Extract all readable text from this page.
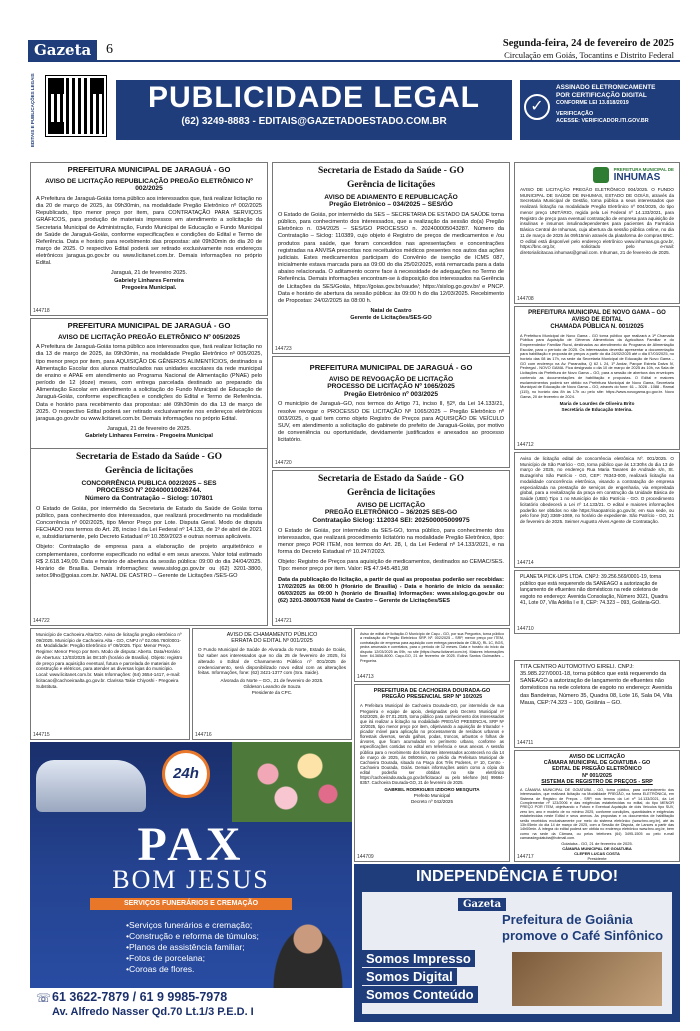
Gazeta	6	Segunda-feira, 24 de fevereiro de 2025
Circulação em Goiás, Tocantins e Distrito Federal
EDITAIS E PUBLICAÇÕES LEGAIS	PUBLICIDADE LEGAL
(62) 3249-8883 - EDITAIS@GAZETADOESTADO.COM.BR
✓
ASSINADO ELETRONICAMENTE
POR CERTIFICAÇÃO DIGITAL
CONFORME LEI 13.818/2019
VERIFICAÇÃO
ACESSE: VERIFICADOR.ITI.GOV.BR
PREFEITURA MUNICIPAL DE JARAGUÁ - GO
AVISO DE LICITAÇÃO REPUBLICAÇÃO PREGÃO ELETRÔNICO Nº 002/2025

A Prefeitura de Jaraguá-Goiás torna público aos interessados que, fará realizar licitação no dia 20 de março de 2025, às 09h30min, na modalidade Pregão Eletrônico nº 002/2025 Republicado, tipo menor preço por item, para CONTRATAÇÃO PARA SERVIÇOS GRÁFICOS, para produção de materiais impressos em atendimento a solicitação da Secretaria Municipal de Administração, Fundo Municipal de Educação e Fundo Municipal de Saúde de Jaraguá-Goiás, conforme especificações e condições do Edital e Termo de Referência. Data e horário para recebimento das propostas: até 09h30min do dia 20 de março de 2025. O respectivo Edital poderá ser retirado exclusivamente nos endereços eletrônicos jaragua.go.gov.br ou www.licitanet.com.br. Demais informações no próprio Edital.

Jaraguá, 21 de fevereiro 2025.
Gabriely Linhares Ferreira
Pregoeira Municipal.
144718
PREFEITURA MUNICIPAL DE JARAGUÁ - GO
AVISO DE LICITAÇÃO PREGÃO ELETRÔNICO Nº 005/2025

A Prefeitura de Jaraguá-Goiás torna público aos interessados que, fará realizar licitação no dia 13 de março de 2025, às 09h30min, na modalidade Pregão Eletrônico nº 005/2025, tipo menor preço por item, para AQUISIÇÃO DE GÊNEROS ALIMENTÍCIOS, destinados a Alimentação Escolar dos alunos matriculados nas unidades escolares da rede municipal de ensino e APAE em atendimento ao Programa Nacional de Alimentação (PNAE) pelo período de 12 (doze) meses, com entrega parcelada destinado ao preparado da Alimentação Escolar em atendimento a solicitação do Fundo Municipal de Educação de Jaraguá-Goiás, conforme especificações e condições do Edital e Termo de Referência. Data e horário para recebimento das propostas: até 09h30min do dia 13 de março de 2025. O respectivo Edital poderá ser retirado exclusivamente nos endereços eletrônicos jaragua.go.gov.br ou www.licitanet.com.br. Demais informações no próprio Edital.

Jaraguá, 21 de fevereiro de 2025.
Gabriely Linhares Ferreira - Pregoeira Municipal
Secretaria de Estado da Saúde - GO
Gerência de licitações
CONCORRÊNCIA PUBLICA 002/2025 – SES
PROCESSO Nº 202400010026744.
Número da Contratação – Siclog: 107801

O Estado de Goiás, por intermédio da Secretaria de Estado da Saúde de Goiás torna público, para conhecimento dos interessados, que realizará procedimento na modalidade Concorrência nº 002/2025, tipo Menor Preço por Lote. Disputa Geral. Modo de disputa FECHADO nos termos do Art. 28, inciso I da Lei Federal nº 14.133, de 1º de abril de 2021 e, subsidiariamente, pelo Decreto Estadual nº 10.359/2023 e outras normas aplicáveis.

Objeto: Contratação de empresa para a elaboração de projeto arquitetônico e complementares, conforme especificado no edital e em seus anexos. Valor total estimado R$ 2.618.149,09. Data e horário de abertura da sessão pública: 09:00 do dia 24/04/2025. Horário de Brasília. Demais informações: www.sislog.go.gov.br ou (62) 3201-3800, setor.9lho@goias.com.br. NATAL DE CASTRO – Gerente de Licitações /SES-GO

144722
Secretaria de Estado da Saúde - GO
Gerência de licitações
AVISO DE ADIAMENTO E REPUBLICAÇÃO
Pregão Eletrônico – 034/2025 – SES/GO

O Estado de Goiás, por intermédio da SES – SECRETARIA DE ESTADO DA SAÚDE torna público, para conhecimento dos interessados, que a realização da sessão do(a) Pregão Eletrônico n. 034/2025 – SES/GO PROCESSO n. 202400005043287. Número da Contratação – Siclog: 110389, cujo objeto é Registro de preços de medicamentos e /ou produtos para saúde, que foram concedidos nas apresentações e concentrações registradas na ANVISA prescritas nos receituários médicos presentes nos autos das ações judiciais. Estes medicamentos participam do Convênio de isenção de ICMS 087, inicialmente estava marcada para as 09:00 do dia 25/02/2025, está remarcada para a data abaixo relacionada. O aditamento ocorre face à necessidade de adequações no Termo de Referência. Demais informações encontram-se à disposição dos interessados na Gerência de Licitações da SES/Goiás, https://goias.gov.br/saude/; https://sislog.go.gov.br/ e PNCP. Data e horário de abertura da sessão pública: às 09:00 h do dia 12/03/2025. Recebimento de Propostas: 24/02/2025 às 08:00 h.

Natal de Castro
Gerente de Licitações/SES-GO
144723
PREFEITURA MUNICIPAL DE JARAGUÁ - GO
AVISO DE REVOGAÇÃO DE LICITAÇÃO
PROCESSO DE LICITAÇÃO Nº 1065/2025
Pregão Eletrônico nº 003/2025

O município de Jaraguá–GO, nos termos do Artigo 71, inciso II, §2º, da Lei 14.133/21, resolve revogar o PROCESSO DE LICITAÇÃO Nº 1065/2025 – Pregão Eletrônico nº 003/2025, o qual tem como objeto Registro de Preços para AQUISIÇÃO DE VEÍCULO SUV, em atendimento a solicitação do gabinete do prefeito de Jaraguá-Goiás, por motivo de conveniência ou oportunidade, devidamente justificados e anexados ao processo licitatório.

144720
Secretaria de Estado da Saúde - GO
Gerência de licitações
AVISO DE LICITAÇÃO
PREGÃO ELETRÔNICO – 36/2025 SES-GO
Contratação Siclog: 112034 SEI: 202500005009975

O Estado de Goiás, por intermédio da SES-GO, torna público, para conhecimento dos interessados, que realizará procedimento licitatório na modalidade Pregão Eletrônico, tipo: menor preço POR ITEM, nos termos do Art. 28, I, da Lei Federal nº 14.133/2021, e na forma do Decreto Estadual nº 10.247/2023.

Objeto: Registro de Preços para aquisição de medicamentos, destinados ao CEMAC/SES. Tipo: menor preço por item. Valor: R$ 47.945.481,98

Data da publicação do licitação, a partir de qual as propostas poderão ser recebidas: 17/02/2025 às 08:00 h (Horário de Brasília) - Data e horário de início da sessão: 06/03/2025 às 09:00 h (horário de Brasília) Informações: www.sislog.go.gov.br ou (62) 3201-3800/7638 Natal de Castro – Gerente de Licitações/SES

144721

PREFEITURA MUNICIPAL DE
INHUMAS

AVISO DE LICITAÇÃO PREGÃO ELETRÔNICO 004/2025. O FUNDO MUNICIPAL DE SAÚDE DE INHUMAS, ESTADO DE GOIÁS, através da Secretaria Municipal de Gestão, torna pública a seus interessados que realizará licitação na modalidade Pregão Eletrônico nº 004/2025, do tipo menor preço UNITÁRIO, regida pela Lei Federal nº 14.133/2021, para Registro de preço para eventual contratação de empresa para aquisição de insulinas e insumos insulinodependentes para pacientes da Farmácia Básica Central de Inhumas, cuja abertura da sessão pública online, no dia 11 de março de 2025 às 09h15min através da plataforma de compras BNC. O edital está disponível pelo endereço eletrônico www.inhumas.go.gov.br, https://bnc.org.br, solicitado pelo e-mail: diretorialicitacao.inhumas@gmail.com. Inhumas, 21 de fevereiro de 2025.

144708
PREFEITURA MUNICIPAL DE NOVO GAMA – GO
AVISO DE EDITAL
CHAMADA PÚBLICA N. 001/2025

A Prefeitura Municipal de Novo Gama - GO torna público que realizará a 1ª Chamada Pública para Aquisição de Gêneros Alimentícios da Agricultura Familiar e do Empreendedor Familiar Rural, destinados ao atendimento do Programa de Alimentação Escolar, para o período de 2025. Os interessados deverão apresentar a documentação para habilitação e proposta de preços a partir do dia 24/02/2025 até o dia 07/03/2025, no horário das 08 às 17h, na sede da Secretaria Municipal de Educação de Novo Gama – GO com endereço na Av. Paranaíba, Q 62 L 24, 1º Andar, Parque Estrela Dalva IV, Pedregal - NOVO GAMA. Fica designado o dia 10 de março de 2025 às 10h, na Sala de Licitações da Prefeitura de Novo Gama – GO, para a sessão de abertura dos envelopes contendo as documentações de habilitação e propostas. O Edital e maiores esclarecimentos poderá ser obtido na Prefeitura Municipal de Novo Gama, Secretaria Municipal de Educação de Novo Gama – GO, através do fone: 61 – 3028 - 1088 - Ramal (115), no horário das 8h às 17h ou pelo site: https://www.novogama.go.gov.br. Novo Gama, 20 de fevereiro de 2024.

Maria de Lourdes de Oliveira Brito
Secretária de Educação Interina.
144712

Aviso de licitação edital de concorrência eletrônica Nº. 001/2025. O Município de São Patrício - GO, torna público que às 13:30hs do dia 13 de março de 2025, no endereço Rua Maria Tavares de Andrade s/n, St. Buzagrinho São Patrício - GO, CEP: 76343-000, realizará licitação na modalidade concorrência eletrônica, visando a contratação de empresa especializada na prestação de serviços de engenharia, via empreitada global, para a revitalização da praça em construção da Unidade Básica de Saúde (UBS) Tipo 1 no Município de São Patrício - GO. O procedimento licitatório obedecerá a Lei nº 14.133/21. O edital e maiores informações poderão ser obtidos no site https://saopatricio.go.gov.br, em sua sede, ou pelo fone (62) 3369-1069, no horário de expediente. São Patrício - GO, 21 de fevereiro de 2025. Seimer Augusto Alves Agente de Contratação.

144714

PLANETA PICK-UPS LTDA. CNPJ: 39.256.569/0001-19, torna público que está requerendo da SANEAGO a autorização de lançamento de efluentes não domésticos na rede coletora de esgoto no endereço: Avenida Consolação, Número 3021, Quadra 41, Lote 07, Vila Adélia I e II, CEP: 74.323 – 093, Goiânia-GO.

144710

TITA CENTRO AUTOMOTIVO EIRELI. CNPJ: 35.985.227/0001-18, torna público que está requerendo da SANEAGO a autorização de lançamento de efluentes não domésticos na rede coletora de esgoto no endereço: Avenida das Bandeiras, Número 35, Quadra 08, Lote 16, Sala 04, Vila Maua, CEP:74.323 – 100, Goiânia – GO.

144711
AVISO DE LICITAÇÃO
CÂMARA MUNICIPAL DE GOIATUBA - GO
EDITAL DE PREGÃO ELETRÔNICO
Nº 001/2025
SISTEMA DE REGISTRO DE PREÇOS - SRP

A CÂMARA MUNICIPAL DE GOIATUBA - GO, torna público, para conhecimento dos interessados, que realizará licitação na Modalidade PREGÃO, na forma ELETRÔNICA, em Sistema de Registro de Preços - SRP, nos termos da Lei nº 14.133/2021, da Lei Complementar nº 123/2006 e das exigências estabelecidas no edital, do tipo MENOR PREÇO POR ITEM, objetivando o Futuro e Eventual Aquisição de dois Veículos tipo SUV, zero km, ano e modelo de no mínimo 2025, conforme condições, quantidades e exigências estabelecidas neste Edital e seus anexos. As propostas e os documentos de habilitação serão recebidos exclusivamente por meio do sistema eletrônico (www.bnc.org.br), até às 13h:05min do dia 14 de março de 2025, com a Sessão de Disputa, de Lances a partir das 14h00min. A íntegra do edital poderá ser obtida no endereço eletrônico www.bnc.org.br, bem como na sede da Câmara, ou pelos telefones (64) 3495-1505 ou pelo e-mail camaradegoiatuba@hotmail.com.

Goiatuba - GO, 21 de fevereiro de 2025.
CÂMARA MUNICIPAL DE GOIATUBA
CLEFER LUCAS COSTA
Presidente
144717

Município de Cachoeira Alta/GO. Aviso de licitação pregão eletrônico nº 09/2025. Município de Cachoeira Alta - GO, CNPJ nº 02.056.760/0001-48. Modalidade: Pregão Eletrônico nº 09/2025. Tipo: Menor Preço. Regime: Menor Preço por Item. Modo de disputa: Aberto. Data/Horário de Abertura: 12/03/2025 às 08:10h (horário de Brasília). Objeto: registro de preço para aquisição eventual, futura e parcelada de materiais de construção e elétricos, para atender as diversas lojas do município. Local: www.licitanet.com.br. Mais Informações: (64) 3654-1417, e-mail: licitacao@cachoeiraalta.go.gov.br. Clarissa Takie Chiyoshi - Pregoeira Substituta.

144715
AVISO DE CHAMAMENTO PÚBLICO
ERRATA DO EDITAL Nº 001/2025

O Fundo Municipal de Saúde de Alvorada do Norte, Estado de Goiás, faz saber aos interessados que no dia 25 de fevereiro de 2025, foi alterado o Edital de Chamamento Público nº 001/2025 de credenciamento, será disponibilizado novo edital com as alterações feitas. Informações, fone: (62) 3421-1377 com (Sra. Saide).

Alvorada do Norte – GO., 21 de fevereiro de 2025.
Gildeson Leandro de Souza
Presidente da CPC.
144716

Aviso de edital de licitação.O Município de Caçu - GO, por sua Pregoeira, torna público a realização do Pregão Eletrônico SRP. Nº. 002/2025 – SRP, menor preço por ITEM, contratação de empresa para aquisição com entrega parcelada de CBUQ, RL 1C, BGS, pedra arrumada e correlatos, para o período de 12 meses. Data e horário do início da disputa: 12/03/2025 às 09h, no site (https://www.licitanet.com.br). Maiores informações fone: 64.3656-8000. Caçu-GO, 21 de fevereiro de 2025. Eulina Santos Guimarães – Pregoeira.

144713
PREFEITURA DE CACHOEIRA DOURADA-GO
PREGÃO PRESENCIAL SRP Nº 10/2025

A Prefeitura Municipal de Cachoeira Dourada-GO, por intermédio de sua Pregoeira e equipe de apoio, designadas pelo Decreto Municipal nº 042/2025, de 07.01.2025, torna público para conhecimento dos interessados que irá realizar a licitação na modalidade PREGÃO PRESENCIAL SRP Nº 10/2025, tipo menor preço por item, objetivando a aquisição de triturador + picador móvel para aplicação no processamento de resíduos urbanos e florestais diversos, sendo galhos, podas, troncos, arbustos e folhas de árvores, que ficam acumulados no perímetro urbano, conforme as especificações contidas no edital em referência e seus anexos. A sessão pública para o recebimento dos licitantes interessados acontecerá no dia 14 de março de 2025, às 08h00min, no prédio da Prefeitura Municipal de Cachoeira Dourada, situado na Praça dos Três Poderes, nº 10, Centro - Cachoeira Dourada, Goiás. Demais informações assim como a cópia do edital poderão ser obtidas no site eletrônico https://cachoeiradourada.go.gov.br/licitacao/ ou pelo telefone (64) 99664-8357. Cachoeira Dourada-GO, 21 de fevereiro de 2025.

GABRIEL RODRIGUES IZIDORO MESQUITA
Prefeito Municipal
Decreto nº 042/2025
144709
24h
PAX
BOM JESUS
SERVIÇOS FUNERÁRIOS E CREMAÇÃO
•Serviços funerários e cremação;
•Construção e reforma de túmulos;
•Planos de assistência familiar;
•Fotos de porcelana;
•Coroas de flores.
☏ 61 3622-7879 / 61 9 9985-7978
Av. Alfredo Nasser Qd.70 Lt.1/3 P.E.D. I
INDEPENDÊNCIA É TUDO!
Gazeta
Prefeitura de Goiânia
promove o Café Sinfônico
Somos Impresso Somos Digital Somos Conteúdo
